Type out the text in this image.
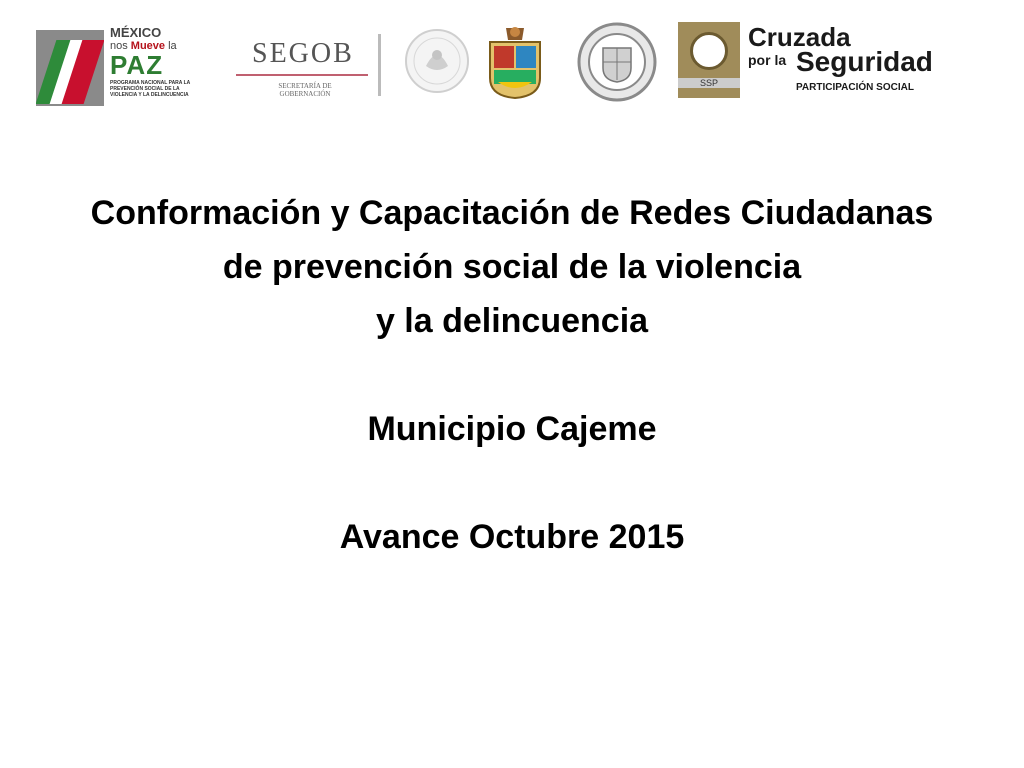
MÉXICO
nos Mueve la
PAZ
PROGRAMA NACIONAL PARA LA PREVENCIÓN SOCIAL DE LA VIOLENCIA Y LA DELINCUENCIA
SEGOB
SECRETARÍA DE GOBERNACIÓN
SSP
Cruzada
por la Seguridad
PARTICIPACIÓN SOCIAL
Conformación y Capacitación de Redes Ciudadanas
de prevención social de la violencia
y la delincuencia
Municipio Cajeme
Avance Octubre 2015
